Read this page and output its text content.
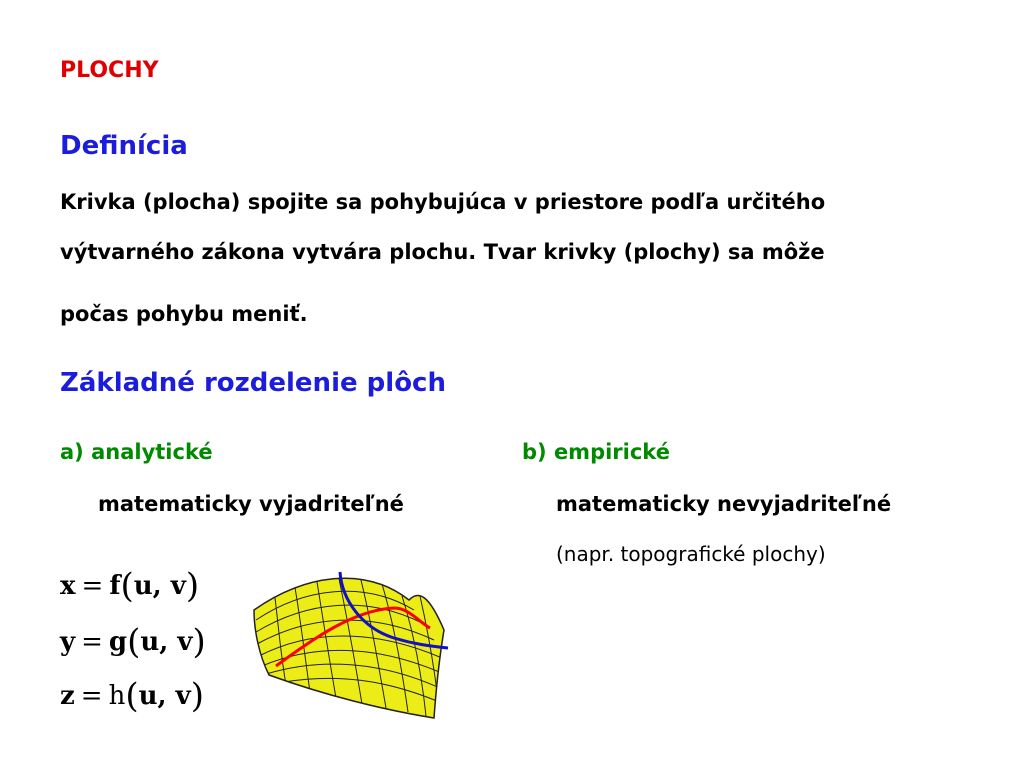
PLOCHY
Definícia
Krivka (plocha) spojite sa pohybujúca v priestore podľa určitého
výtvarného zákona vytvára plochu. Tvar krivky (plochy) sa môže
počas pohybu meniť.
Základné rozdelenie plôch
a) analytické	b) empirické
matematicky vyjadriteľné	matematicky nevyjadriteľné
(napr. topografické plochy)
x = f(u, v)
y = g(u, v)
z = h(u, v)
